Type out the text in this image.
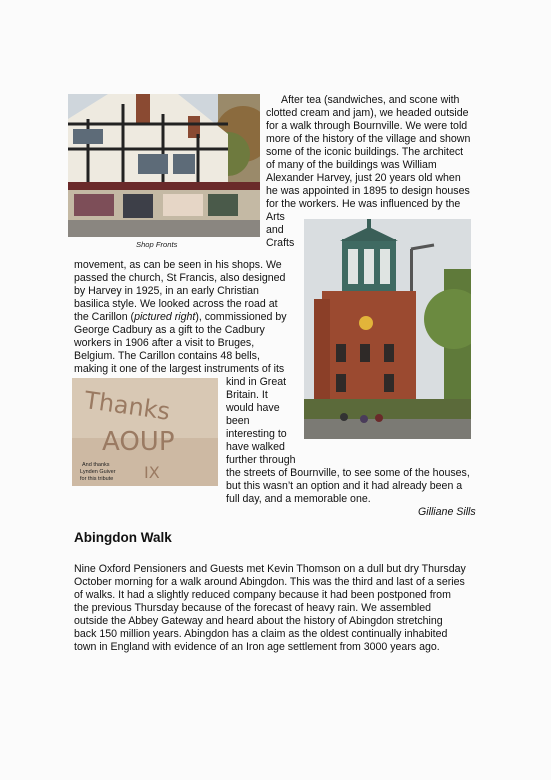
Shop Fronts
Thanks
AOUP
IX
And thanks
Lynden Guiver
for this tribute
After tea (sandwiches, and scone with
clotted cream and jam), we headed outside
for a walk through Bournville. We were told
more of the history of the village and shown
some of the iconic buildings. The architect
of many of the buildings was William
Alexander Harvey, just 20 years old when
he was appointed in 1895 to design houses
for the workers. He was influenced by the
Arts
and
Crafts
movement, as can be seen in his shops. We
passed the church, St Francis, also designed
by Harvey in 1925, in an early Christian
basilica style. We looked across the road at
the Carillon (pictured right), commissioned by
George Cadbury as a gift to the Cadbury
workers in 1906 after a visit to Bruges,
Belgium. The Carillon contains 48 bells,
making it one of the largest instruments of its
kind in Great
Britain. It
would have
been
interesting to
have walked
further through
the streets of Bournville, to see some of the houses,
but this wasn’t an option and it had already been a
full day, and a memorable one.
Gilliane Sills
Abingdon Walk
Nine Oxford Pensioners and Guests met Kevin Thomson on a dull but dry Thursday
October morning for a walk around Abingdon. This was the third and last of a series
of walks. It had a slightly reduced company because it had been postponed from
the previous Thursday because of the forecast of heavy rain. We assembled
outside the Abbey Gateway and heard about the history of Abingdon stretching
back 150 million years. Abingdon has a claim as the oldest continually inhabited
town in England with evidence of an Iron age settlement from 3000 years ago.
